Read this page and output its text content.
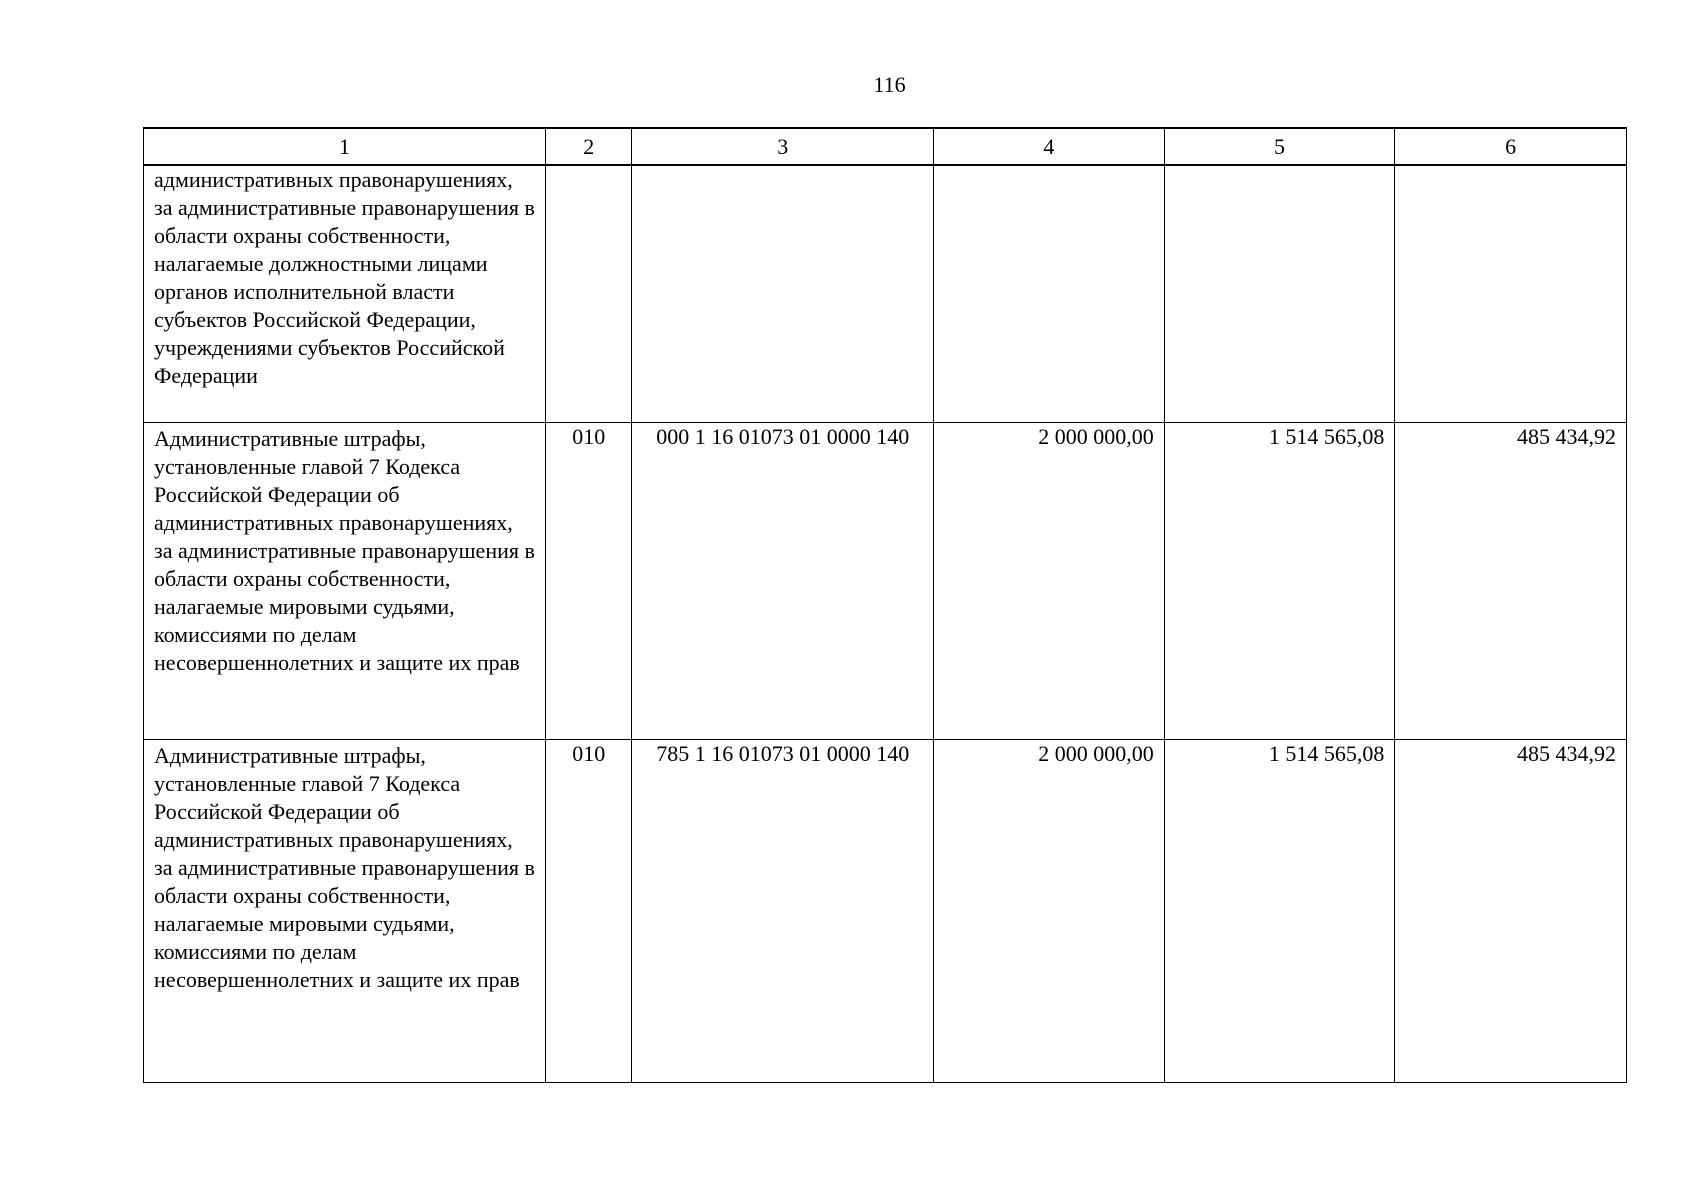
116
1	2	3	4	5	6
административных правонарушениях, за административные правонарушения в области охраны собственности, налагаемые должностными лицами органов исполнительной власти субъектов Российской Федерации, учреждениями субъектов Российской Федерации					
Административные штрафы, установленные главой 7 Кодекса Российской Федерации об административных правонарушениях, за административные правонарушения в области охраны собственности, налагаемые мировыми судьями, комиссиями по делам несовершеннолетних и защите их прав	010	000 1 16 01073 01 0000 140	2 000 000,00	1 514 565,08	485 434,92
Административные штрафы, установленные главой 7 Кодекса Российской Федерации об административных правонарушениях, за административные правонарушения в области охраны собственности, налагаемые мировыми судьями, комиссиями по делам несовершеннолетних и защите их прав	010	785 1 16 01073 01 0000 140	2 000 000,00	1 514 565,08	485 434,92
